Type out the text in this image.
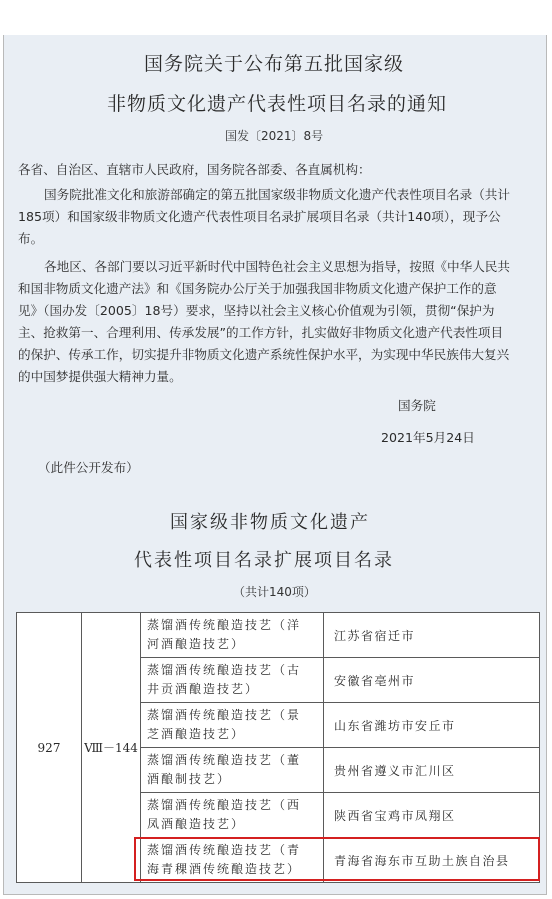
国务院关于公布第五批国家级
非物质文化遗产代表性项目名录的通知
国发〔2021〕8号
各省、自治区、直辖市人民政府，国务院各部委、各直属机构：
国务院批准文化和旅游部确定的第五批国家级非物质文化遗产代表性项目名录（共计
185项）和国家级非物质文化遗产代表性项目名录扩展项目名录（共计140项），现予公
布。
各地区、各部门要以习近平新时代中国特色社会主义思想为指导，按照《中华人民共
和国非物质文化遗产法》和《国务院办公厅关于加强我国非物质文化遗产保护工作的意
见》（国办发〔2005〕18号）要求，坚持以社会主义核心价值观为引领，贯彻“保护为
主、抢救第一、合理利用、传承发展”的工作方针，扎实做好非物质文化遗产代表性项目
的保护、传承工作，切实提升非物质文化遗产系统性保护水平，为实现中华民族伟大复兴
的中国梦提供强大精神力量。
国务院
2021年5月24日
（此件公开发布）
国家级非物质文化遗产
代表性项目名录扩展项目名录
（共计140项）
927	Ⅷ－144	蒸馏酒传统酿造技艺（洋
河酒酿造技艺）	江苏省宿迁市

		蒸馏酒传统酿造技艺（古
井贡酒酿造技艺）	安徽省亳州市

		蒸馏酒传统酿造技艺（景
芝酒酿造技艺）	山东省潍坊市安丘市

		蒸馏酒传统酿造技艺（董
酒酿制技艺）	贵州省遵义市汇川区

		蒸馏酒传统酿造技艺（西
凤酒酿造技艺）	陕西省宝鸡市凤翔区

		蒸馏酒传统酿造技艺（青
海青稞酒传统酿造技艺）	青海省海东市互助土族自治县
